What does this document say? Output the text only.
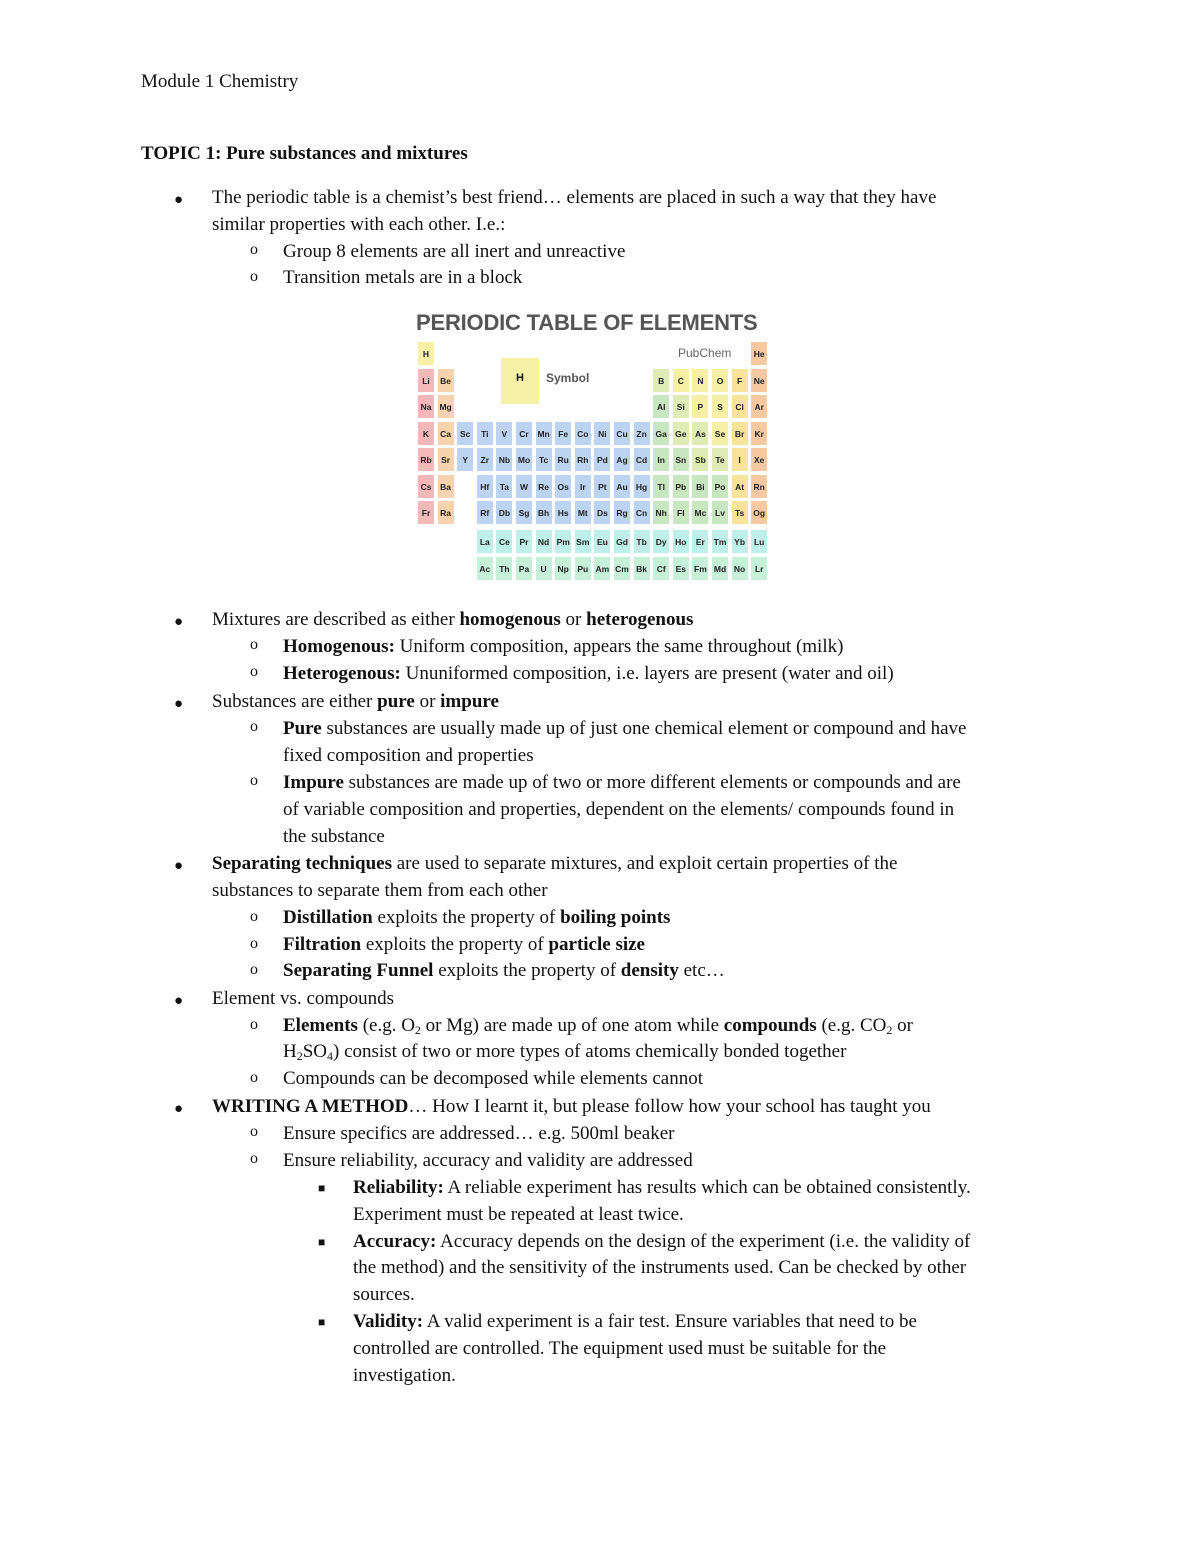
Module 1 Chemistry
TOPIC 1: Pure substances and mixtures
● The periodic table is a chemist’s best friend… elements are placed in such a way that they have
similar properties with each other. I.e.:
o Group 8 elements are all inert and unreactive
o Transition metals are in a block
PERIODIC TABLE OF ELEMENTS
PubChem
H	Symbol
H	He
Li	Be	B	C	N	O	F	Ne
Na Mg	Al	Si	P	S	Cl	Ar
K	Ca	Sc	Ti	V	Cr	Mn Fe	Co	Ni	Cu	Zn	Ga Ge As	Se	Br	Kr
Rb	Sr	Y	Zr	Nb Mo	Tc	Ru Rh Pd	Ag Cd	In	Sn	Sb	Te	I	Xe
Cs	Ba	Hf	Ta	W	Re Os	Ir	Pt	Au Hg	Tl	Pb	Bi	Po	At	Rn
Fr	Ra	Rf	Db	Sg Bh Hs	Mt	Ds	Rg Cn Nh	Fl	Mc	Lv	Ts	Og
La	Ce	Pr	Nd Pm Sm Eu Gd Tb	Dy	Ho	Er	Tm Yb	Lu
Ac	Th	Pa	U	Np	Pu Am Cm Bk	Cf	Es Fm Md No	Lr
● Mixtures are described as either homogenous or heterogenous
o Homogenous: Uniform composition, appears the same throughout (milk)
o Heterogenous: Ununiformed composition, i.e. layers are present (water and oil)
● Substances are either pure or impure
o Pure substances are usually made up of just one chemical element or compound and have
fixed composition and properties
o Impure substances are made up of two or more different elements or compounds and are
of variable composition and properties, dependent on the elements/ compounds found in
the substance
● Separating techniques are used to separate mixtures, and exploit certain properties of the
substances to separate them from each other
o Distillation exploits the property of boiling points
o Filtration exploits the property of particle size
o Separating Funnel exploits the property of density etc…
● Element vs. compounds
o Elements (e.g. $O_2$ or Mg) are made up of one atom while compounds (e.g. $CO_2$ or
$H_2SO_4$) consist of two or more types of atoms chemically bonded together
o Compounds can be decomposed while elements cannot
● WRITING A METHOD… How I learnt it, but please follow how your school has taught you
o Ensure specifics are addressed… e.g. 500ml beaker
o Ensure reliability, accuracy and validity are addressed
■ Reliability: A reliable experiment has results which can be obtained consistently.
Experiment must be repeated at least twice.
■ Accuracy: Accuracy depends on the design of the experiment (i.e. the validity of
the method) and the sensitivity of the instruments used. Can be checked by other
sources.
■ Validity: A valid experiment is a fair test. Ensure variables that need to be
controlled are controlled. The equipment used must be suitable for the
investigation.
